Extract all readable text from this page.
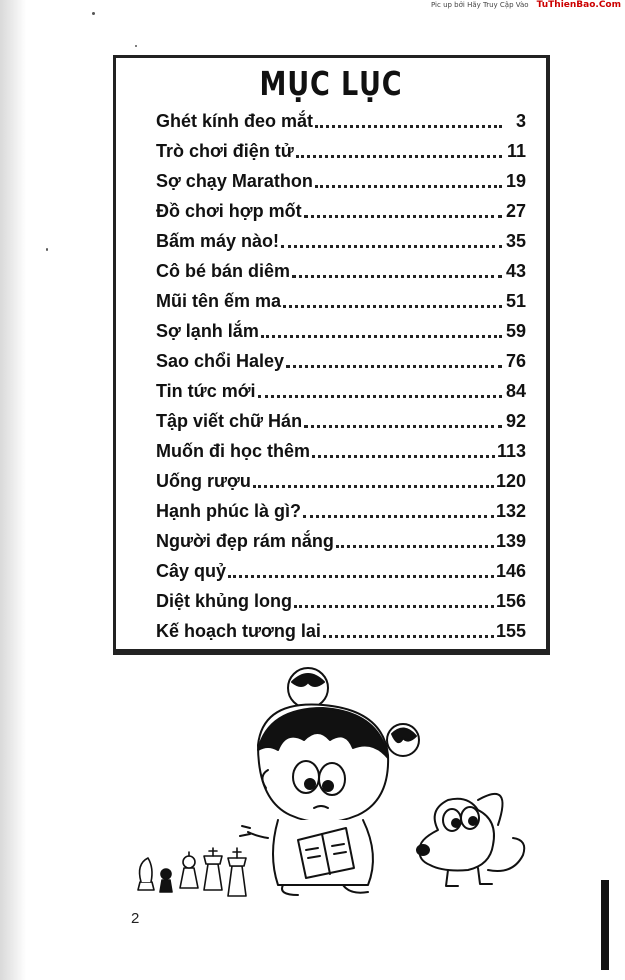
Pic up bởi Hãy Truy Cập Vào TuThienBao.Com
MỤC LỤC
Ghét kính đeo mắt	3
Trò chơi điện tử	11
Sợ chạy Marathon	19
Đồ chơi hợp mốt	27
Bấm máy nào!	35
Cô bé bán diêm	43
Mũi tên ếm ma	51
Sợ lạnh lắm	59
Sao chổi Haley	76
Tin tức mới	84
Tập viết chữ Hán	92
Muốn đi học thêm	113
Uống rượu	120
Hạnh phúc là gì?	132
Người đẹp rám nắng	139
Cây quỷ	146
Diệt khủng long	156
Kế hoạch tương lai	155
2
